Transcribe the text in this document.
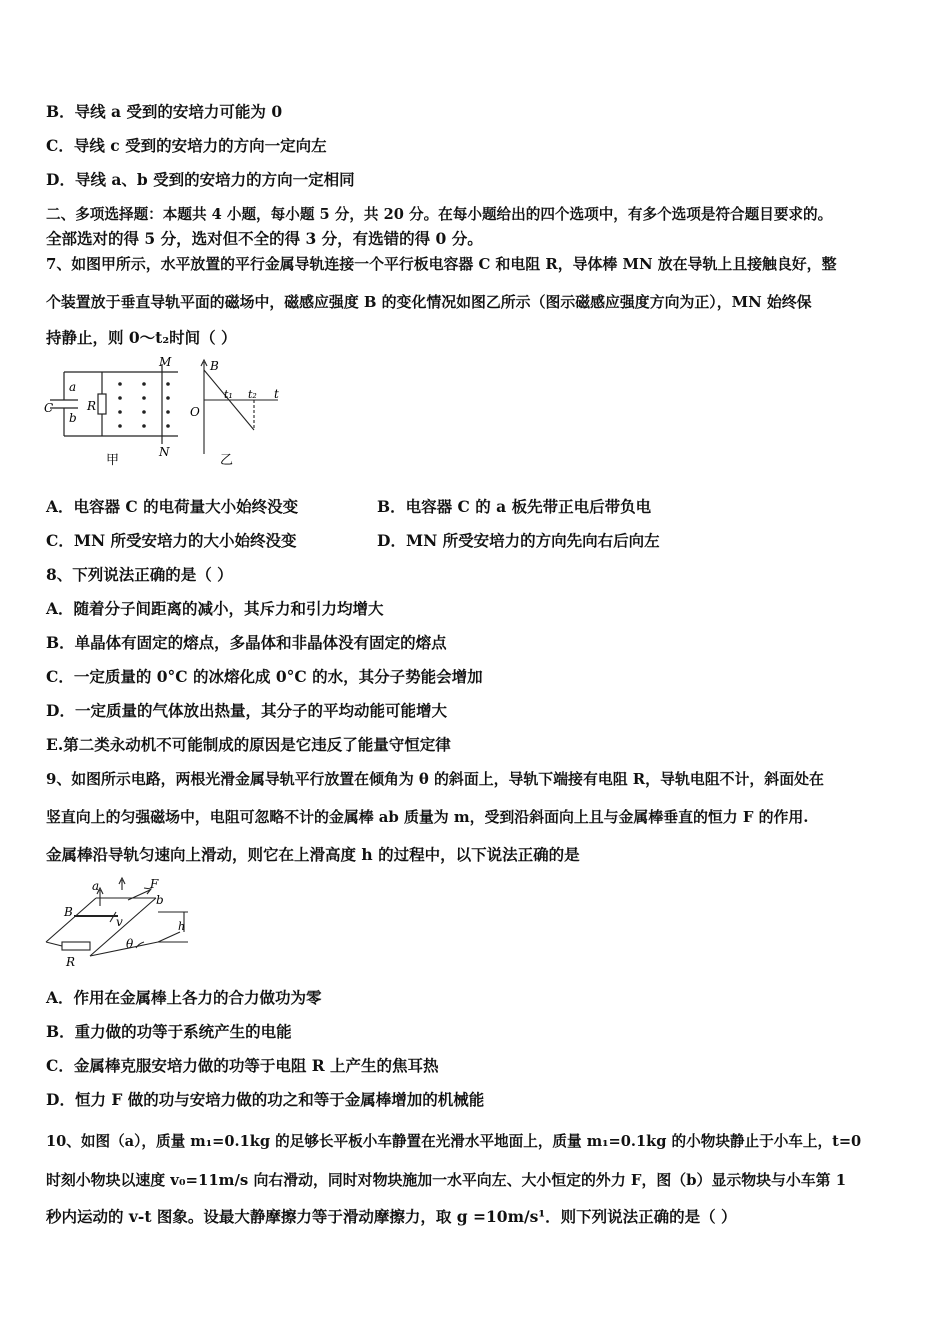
B．导线 a 受到的安培力可能为 0
C．导线 c 受到的安培力的方向一定向左
D．导线 a、b 受到的安培力的方向一定相同
二、多项选择题：本题共 4 小题，每小题 5 分，共 20 分。在每小题给出的四个选项中，有多个选项是符合题目要求的。
全部选对的得 5 分，选对但不全的得 3 分，有选错的得 0 分。
7、如图甲所示，水平放置的平行金属导轨连接一个平行板电容器 C 和电阻 R，导体棒 MN 放在导轨上且接触良好，整
个装置放于垂直导轨平面的磁场中，磁感应强度 B 的变化情况如图乙所示（图示磁感应强度方向为正），MN 始终保
持静止，则 0～t₂时间（ ）
a
b
C	R
M
N
甲
B
O
t₁ t₂ t
乙
A．电容器 C 的电荷量大小始终没变	B．电容器 C 的 a 板先带正电后带负电
C．MN 所受安培力的大小始终没变	D．MN 所受安培力的方向先向右后向左
8、下列说法正确的是（ ）
A．随着分子间距离的减小，其斥力和引力均增大
B．单晶体有固定的熔点，多晶体和非晶体没有固定的熔点
C．一定质量的 0°C 的冰熔化成 0°C 的水，其分子势能会增加
D．一定质量的气体放出热量，其分子的平均动能可能增大
E.第二类永动机不可能制成的原因是它违反了能量守恒定律
9、如图所示电路，两根光滑金属导轨平行放置在倾角为 θ 的斜面上，导轨下端接有电阻 R，导轨电阻不计，斜面处在
竖直向上的匀强磁场中，电阻可忽略不计的金属棒 ab 质量为 m，受到沿斜面向上且与金属棒垂直的恒力 F 的作用.
金属棒沿导轨匀速向上滑动，则它在上滑高度 h 的过程中，以下说法正确的是
a
b
F
B
v	h
R
θ
A．作用在金属棒上各力的合力做功为零
B．重力做的功等于系统产生的电能
C．金属棒克服安培力做的功等于电阻 R 上产生的焦耳热
D．恒力 F 做的功与安培力做的功之和等于金属棒增加的机械能
10、如图（a），质量 m₁=0.1kg 的足够长平板小车静置在光滑水平地面上，质量 m₁=0.1kg 的小物块静止于小车上，t=0
时刻小物块以速度 v₀=11m/s 向右滑动，同时对物块施加一水平向左、大小恒定的外力 F，图（b）显示物块与小车第 1
秒内运动的 v-t 图象。设最大静摩擦力等于滑动摩擦力，取 g =10m/s¹．则下列说法正确的是（ ）
